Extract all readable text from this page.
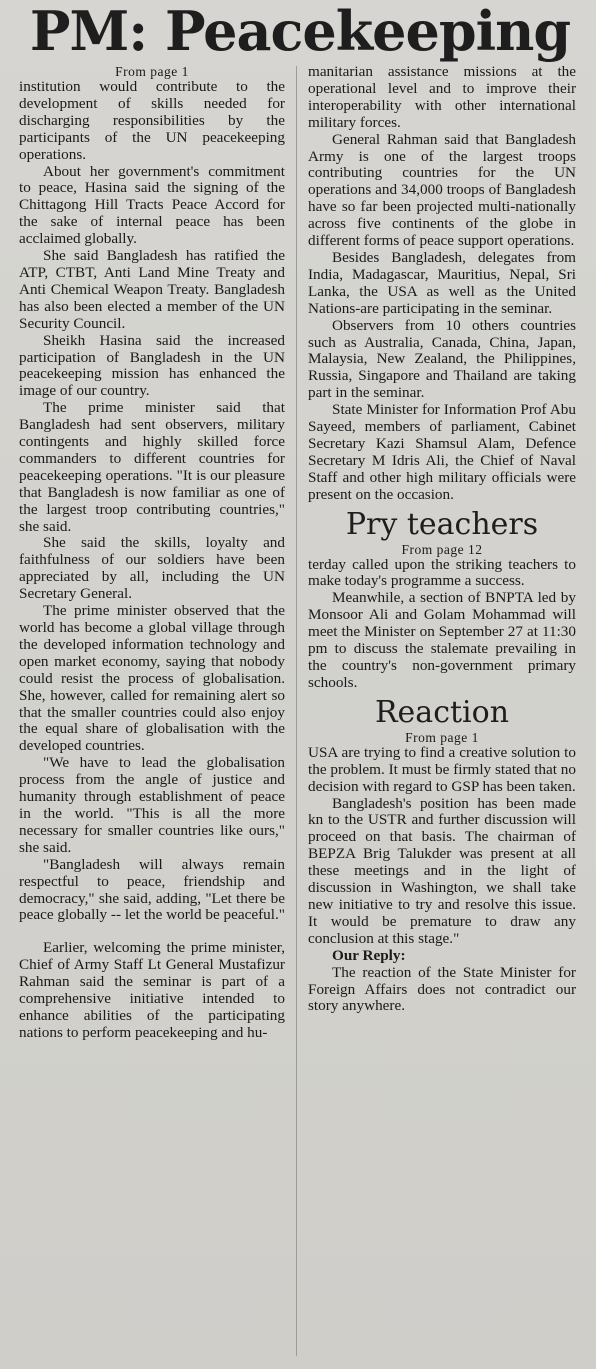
PM: Peacekeeping

From page 1

institution would contribute to the development of skills needed for discharging responsibilities by the participants of the UN peacekeeping operations.

About her government's commitment to peace, Hasina said the signing of the Chittagong Hill Tracts Peace Accord for the sake of internal peace has been acclaimed globally.

She said Bangladesh has ratified the ATP, CTBT, Anti Land Mine Treaty and Anti Chemical Weapon Treaty. Bangladesh has also been elected a member of the UN Security Council.

Sheikh Hasina said the increased participation of Bangladesh in the UN peacekeeping mission has enhanced the image of our country.

The prime minister said that Bangladesh had sent observers, military contingents and highly skilled force commanders to different countries for peacekeeping operations. "It is our pleasure that Bangladesh is now familiar as one of the largest troop contributing countries," she said.

She said the skills, loyalty and faithfulness of our soldiers have been appreciated by all, including the UN Secretary General.

The prime minister observed that the world has become a global village through the developed information technology and open market economy, saying that nobody could resist the process of globalisation. She, however, called for remaining alert so that the smaller countries could also enjoy the equal share of globalisation with the developed countries.

"We have to lead the globalisation process from the angle of justice and humanity through establishment of peace in the world. "This is all the more necessary for smaller countries like ours," she said.

"Bangladesh will always remain respectful to peace, friendship and democracy," she said, adding, "Let there be peace globally -- let the world be peaceful."

Earlier, welcoming the prime minister, Chief of Army Staff Lt General Mustafizur Rahman said the seminar is part of a comprehensive initiative intended to enhance abilities of the participating nations to perform peacekeeping and hu-

manitarian assistance missions at the operational level and to improve their interoperability with other international military forces.

General Rahman said that Bangladesh Army is one of the largest troops contributing countries for the UN operations and 34,000 troops of Bangladesh have so far been projected multi-nationally across five continents of the globe in different forms of peace support operations.

Besides Bangladesh, delegates from India, Madagascar, Mauritius, Nepal, Sri Lanka, the USA as well as the United Nations-are participating in the seminar.

Observers from 10 others countries such as Australia, Canada, China, Japan, Malaysia, New Zealand, the Philippines, Russia, Singapore and Thailand are taking part in the seminar.

State Minister for Information Prof Abu Sayeed, members of parliament, Cabinet Secretary Kazi Shamsul Alam, Defence Secretary M Idris Ali, the Chief of Naval Staff and other high military officials were present on the occasion.

Pry teachers

From page 12

terday called upon the striking teachers to make today's programme a success.

Meanwhile, a section of BNPTA led by Monsoor Ali and Golam Mohammad will meet the Minister on September 27 at 11:30 pm to discuss the stalemate prevailing in the country's non-government primary schools.

Reaction

From page 1

USA are trying to find a creative solution to the problem. It must be firmly stated that no decision with regard to GSP has been taken.

Bangladesh's position has been made kn to the USTR and further discussion will proceed on that basis. The chairman of BEPZA Brig Talukder was present at all these meetings and in the light of discussion in Washington, we shall take new initiative to try and resolve this issue. It would be premature to draw any conclusion at this stage."

Our Reply:

The reaction of the State Minister for Foreign Affairs does not contradict our story anywhere.
